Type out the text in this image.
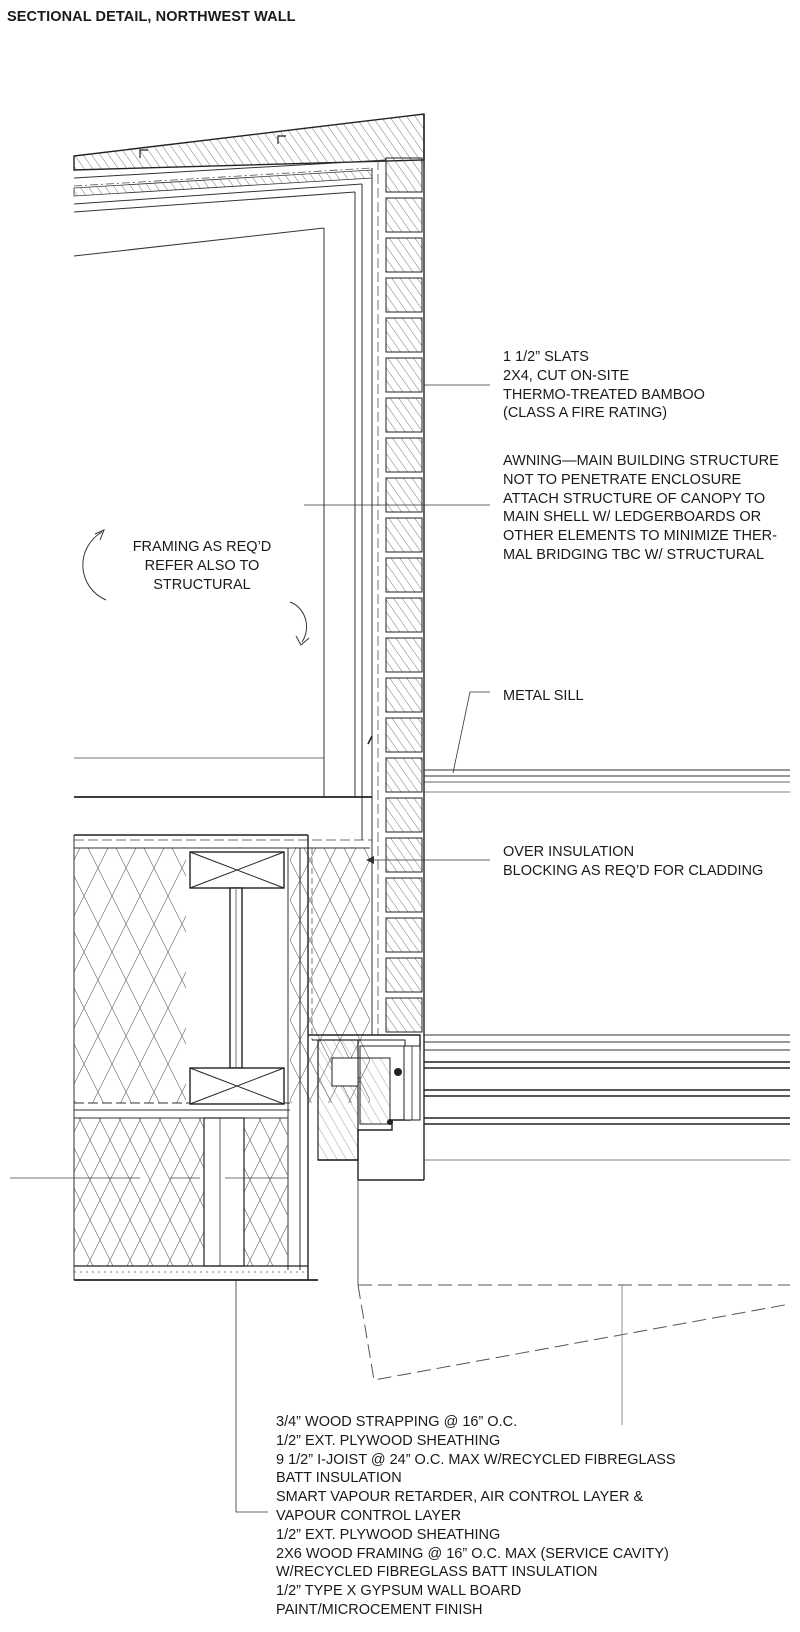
SECTIONAL DETAIL, NORTHWEST WALL
1 1/2” SLATS
2X4, CUT ON-SITE
THERMO-TREATED BAMBOO
(CLASS A FIRE RATING)
AWNING—MAIN BUILDING STRUCTURE
NOT TO PENETRATE ENCLOSURE
ATTACH STRUCTURE OF CANOPY TO
MAIN SHELL W/ LEDGERBOARDS OR
OTHER ELEMENTS TO MINIMIZE THER-
MAL BRIDGING TBC W/ STRUCTURAL
FRAMING AS REQ’D
REFER ALSO TO
STRUCTURAL
METAL SILL
OVER INSULATION
BLOCKING AS REQ’D FOR CLADDING
3/4” WOOD STRAPPING @ 16” O.C.
1/2” EXT. PLYWOOD SHEATHING
9 1/2” I-JOIST @ 24” O.C. MAX W/RECYCLED FIBREGLASS
BATT INSULATION
SMART VAPOUR RETARDER, AIR CONTROL LAYER &
VAPOUR CONTROL LAYER
1/2” EXT. PLYWOOD SHEATHING
2X6 WOOD FRAMING @ 16” O.C. MAX (SERVICE CAVITY)
W/RECYCLED FIBREGLASS BATT INSULATION
1/2” TYPE X GYPSUM WALL BOARD
PAINT/MICROCEMENT FINISH
